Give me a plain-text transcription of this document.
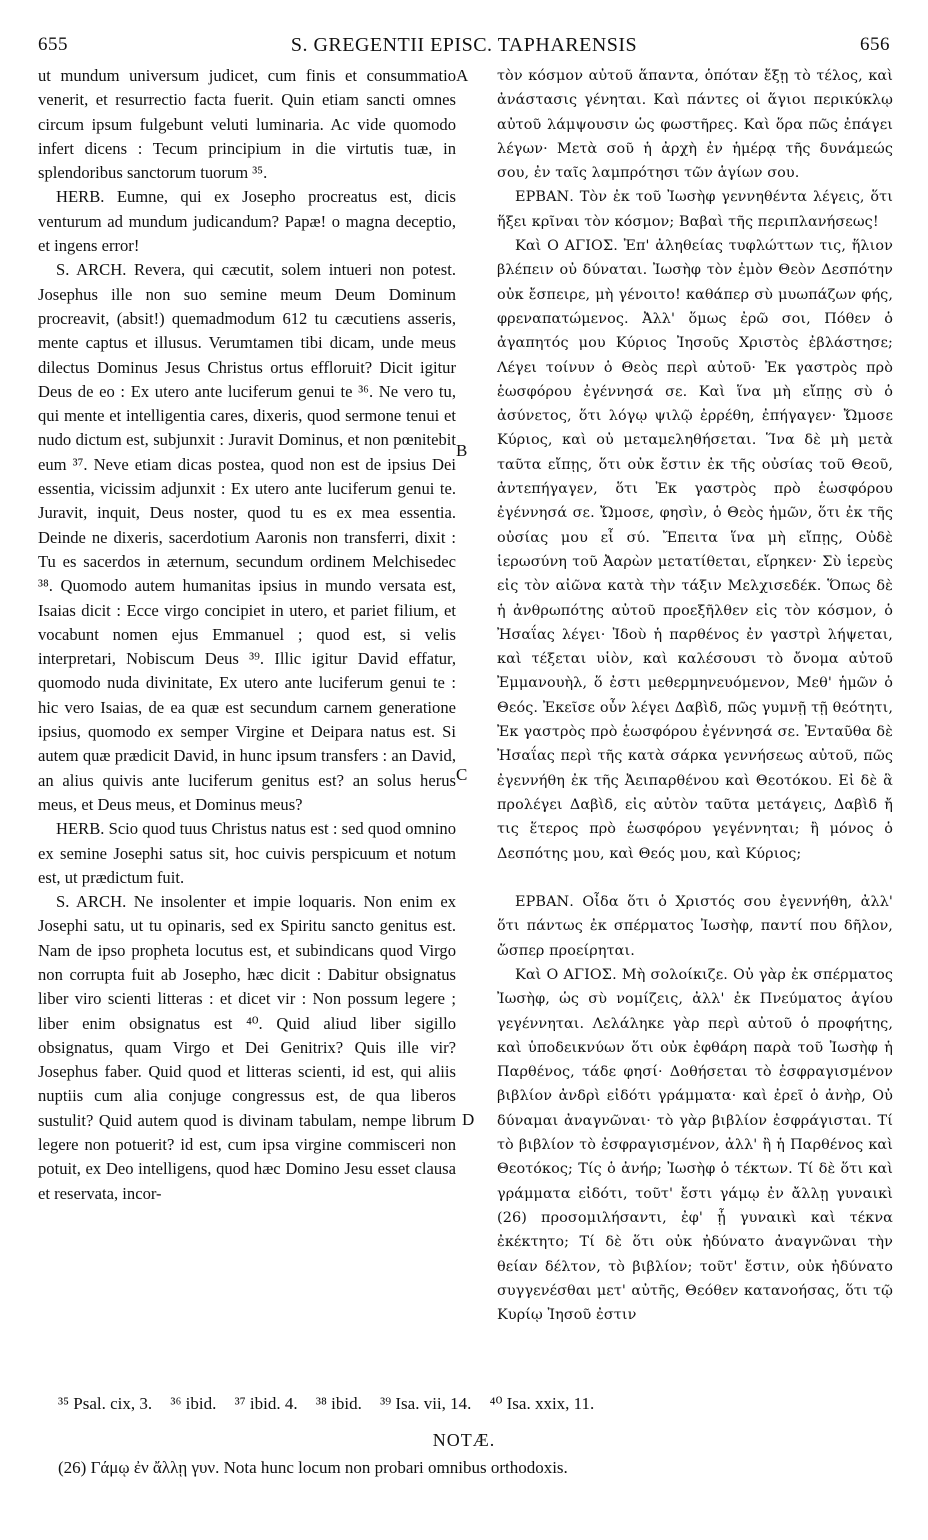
655	S. GREGENTII EPISC. TAPHARENSIS	656

ut mundum universum judicet, cum finis et consummatio venerit, et resurrectio facta fuerit. Quin etiam sancti omnes circum ipsum fulgebunt veluti luminaria. Ac vide quomodo infert dicens : Tecum principium in die virtutis tuæ, in splendoribus sanctorum tuorum ³⁵.

HERB. Eumne, qui ex Josepho procreatus est, dicis venturum ad mundum judicandum? Papæ! o magna deceptio, et ingens error!

S. ARCH. Revera, qui cæcutit, solem intueri non potest. Josephus ille non suo semine meum Deum Dominum procreavit, (absit!) quemadmodum 612 tu cæcutiens asseris, mente captus et illusus. Verumtamen tibi dicam, unde meus dilectus Dominus Jesus Christus ortus effloruit? Dicit igitur Deus de eo : Ex utero ante luciferum genui te ³⁶. Ne vero tu, qui mente et intelligentia cares, dixeris, quod sermone tenui et nudo dictum est, subjunxit : Juravit Dominus, et non pœnitebit eum ³⁷. Neve etiam dicas postea, quod non est de ipsius Dei essentia, vicissim adjunxit : Ex utero ante luciferum genui te. Juravit, inquit, Deus noster, quod tu es ex mea essentia. Deinde ne dixeris, sacerdotium Aaronis non transferri, dixit : Tu es sacerdos in æternum, secundum ordinem Melchisedec ³⁸. Quomodo autem humanitas ipsius in mundo versata est, Isaias dicit : Ecce virgo concipiet in utero, et pariet filium, et vocabunt nomen ejus Emmanuel ; quod est, si velis interpretari, Nobiscum Deus ³⁹. Illic igitur David effatur, quomodo nuda divinitate, Ex utero ante luciferum genui te : hic vero Isaias, de ea quæ est secundum carnem generatione ipsius, quomodo ex semper Virgine et Deipara natus est. Si autem quæ prædicit David, in hunc ipsum transfers : an David, an alius quivis ante luciferum genitus est? an solus herus meus, et Deus meus, et Dominus meus?

HERB. Scio quod tuus Christus natus est : sed quod omnino ex semine Josephi satus sit, hoc cuivis perspicuum et notum est, ut prædictum fuit.

S. ARCH. Ne insolenter et impie loquaris. Non enim ex Josephi satu, ut tu opinaris, sed ex Spiritu sancto genitus est. Nam de ipso propheta locutus est, et subindicans quod Virgo non corrupta fuit ab Josepho, hæc dicit : Dabitur obsignatus liber viro scienti litteras : et dicet vir : Non possum legere ; liber enim obsignatus est ⁴⁰. Quid aliud liber sigillo obsignatus, quam Virgo et Dei Genitrix? Quis ille vir? Josephus faber. Quid quod et litteras scienti, id est, qui aliis nuptiis cum alia conjuge congressus est, de qua liberos sustulit? Quid autem quod is divinam tabulam, nempe librum legere non potuerit? id est, cum ipsa virgine commisceri non potuit, ex Deo intelligens, quod hæc Domino Jesu esset clausa et reservata, incor-

τὸν κόσμον αὐτοῦ ἅπαντα, ὁπόταν ἔξῃ τὸ τέλος, καὶ ἀνάστασις γένηται. Καὶ πάντες οἱ ἅγιοι περικύκλῳ αὐτοῦ λάμψουσιν ὡς φωστῆρες. Καὶ ὅρα πῶς ἐπάγει λέγων· Μετὰ σοῦ ἡ ἀρχὴ ἐν ἡμέρᾳ τῆς δυνάμεώς σου, ἐν ταῖς λαμπρότησι τῶν ἁγίων σου.

ΕΡΒΑΝ. Τὸν ἐκ τοῦ Ἰωσὴφ γεννηθέντα λέγεις, ὅτι ἥξει κρῖναι τὸν κόσμον; Βαβαὶ τῆς περιπλανήσεως!

Καὶ Ο ΑΓΙΟΣ. Ἐπ' ἀληθείας τυφλώττων τις, ἥλιον βλέπειν οὐ δύναται. Ἰωσὴφ τὸν ἐμὸν Θεὸν Δεσπότην οὐκ ἔσπειρε, μὴ γένοιτο! καθάπερ σὺ μυωπάζων φής, φρεναπατώμενος. Ἀλλ' ὅμως ἐρῶ σοι, Πόθεν ὁ ἀγαπητός μου Κύριος Ἰησοῦς Χριστὸς ἐβλάστησε; Λέγει τοίνυν ὁ Θεὸς περὶ αὐτοῦ· Ἐκ γαστρὸς πρὸ ἑωσφόρου ἐγέννησά σε. Καὶ ἵνα μὴ εἴπῃς σὺ ὁ ἀσύνετος, ὅτι λόγῳ ψιλῷ ἐρρέθη, ἐπήγαγεν· Ὤμοσε Κύριος, καὶ οὐ μεταμεληθήσεται. Ἵνα δὲ μὴ μετὰ ταῦτα εἴπῃς, ὅτι οὐκ ἔστιν ἐκ τῆς οὐσίας τοῦ Θεοῦ, ἀντεπήγαγεν, ὅτι Ἐκ γαστρὸς πρὸ ἑωσφόρου ἐγέννησά σε. Ὤμοσε, φησὶν, ὁ Θεὸς ἡμῶν, ὅτι ἐκ τῆς οὐσίας μου εἶ σύ. Ἔπειτα ἵνα μὴ εἴπῃς, Οὐδὲ ἱερωσύνη τοῦ Ἀαρὼν μετατίθεται, εἴρηκεν· Σὺ ἱερεὺς εἰς τὸν αἰῶνα κατὰ τὴν τάξιν Μελχισεδέκ. Ὅπως δὲ ἡ ἀνθρωπότης αὐτοῦ προεξῆλθεν εἰς τὸν κόσμον, ὁ Ἠσαΐας λέγει· Ἰδοὺ ἡ παρθένος ἐν γαστρὶ λήψεται, καὶ τέξεται υἱὸν, καὶ καλέσουσι τὸ ὄνομα αὐτοῦ Ἐμμανουὴλ, ὅ ἐστι μεθερμηνευόμενον, Μεθ' ἡμῶν ὁ Θεός. Ἐκεῖσε οὖν λέγει Δαβὶδ, πῶς γυμνῇ τῇ θεότητι, Ἐκ γαστρὸς πρὸ ἑωσφόρου ἐγέννησά σε. Ἐνταῦθα δὲ Ἠσαΐας περὶ τῆς κατὰ σάρκα γεννήσεως αὐτοῦ, πῶς ἐγεννήθη ἐκ τῆς Ἀειπαρθένου καὶ Θεοτόκου. Εἰ δὲ ἃ προλέγει Δαβὶδ, εἰς αὐτὸν ταῦτα μετάγεις, Δαβὶδ ἤ τις ἕτερος πρὸ ἑωσφόρου γεγέννηται; ἢ μόνος ὁ Δεσπότης μου, καὶ Θεός μου, καὶ Κύριος;

ΕΡΒΑΝ. Οἶδα ὅτι ὁ Χριστός σου ἐγεννήθη, ἀλλ' ὅτι πάντως ἐκ σπέρματος Ἰωσὴφ, παντί που δῆλον, ὥσπερ προείρηται.

Καὶ Ο ΑΓΙΟΣ. Μὴ σολοίκιζε. Οὐ γὰρ ἐκ σπέρματος Ἰωσὴφ, ὡς σὺ νομίζεις, ἀλλ' ἐκ Πνεύματος ἁγίου γεγέννηται. Λελάληκε γὰρ περὶ αὐτοῦ ὁ προφήτης, καὶ ὑποδεικνύων ὅτι οὐκ ἐφθάρη παρὰ τοῦ Ἰωσὴφ ἡ Παρθένος, τάδε φησί· Δοθήσεται τὸ ἐσφραγισμένον βιβλίον ἀνδρὶ εἰδότι γράμματα· καὶ ἐρεῖ ὁ ἀνὴρ, Οὐ δύναμαι ἀναγνῶναι· τὸ γὰρ βιβλίον ἐσφράγισται. Τί τὸ βιβλίον τὸ ἐσφραγισμένον, ἀλλ' ἢ ἡ Παρθένος καὶ Θεοτόκος; Τίς ὁ ἀνήρ; Ἰωσὴφ ὁ τέκτων. Τί δὲ ὅτι καὶ γράμματα εἰδότι, τοῦτ' ἔστι γάμῳ ἐν ἄλλῃ γυναικὶ (26) προσομιλήσαντι, ἐφ' ᾗ γυναικὶ καὶ τέκνα ἐκέκτητο; Τί δὲ ὅτι οὐκ ἠδύνατο ἀναγνῶναι τὴν θείαν δέλτον, τὸ βιβλίον; τοῦτ' ἔστιν, οὐκ ἠδύνατο συγγενέσθαι μετ' αὐτῆς, Θεόθεν κατανοήσας, ὅτι τῷ Κυρίῳ Ἰησοῦ ἐστιν

A
B
C
D
³⁵ Psal. cix, 3. ³⁶ ibid. ³⁷ ibid. 4. ³⁸ ibid. ³⁹ Isa. vii, 14. ⁴⁰ Isa. xxix, 11.
NOTÆ.
(26) Γάμῳ ἐν ἄλλῃ γυν. Nota hunc locum non probari omnibus orthodoxis.
